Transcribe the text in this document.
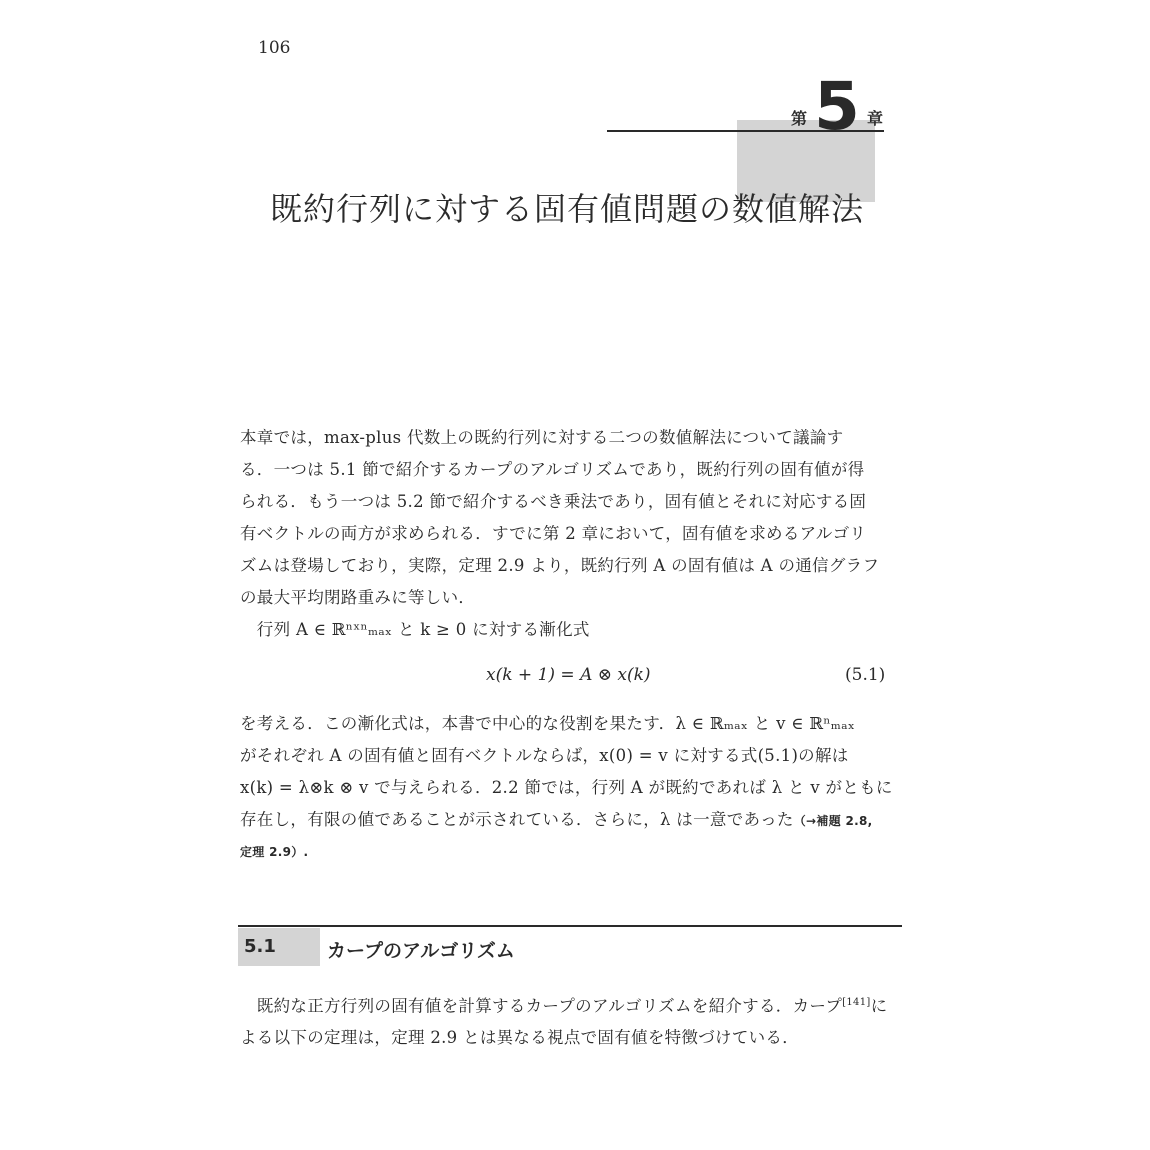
106
第 5 章
既約行列に対する固有値問題の数値解法
本章では，max-plus 代数上の既約行列に対する二つの数値解法について議論す
る．一つは 5.1 節で紹介するカープのアルゴリズムであり，既約行列の固有値が得
られる．もう一つは 5.2 節で紹介するべき乗法であり，固有値とそれに対応する固
有ベクトルの両方が求められる．すでに第 2 章において，固有値を求めるアルゴリ
ズムは登場しており，実際，定理 2.9 より，既約行列 A の固有値は A の通信グラフ
の最大平均閉路重みに等しい．
　行列 A ∈ ℝⁿˣⁿₘₐₓ と k ≥ 0 に対する漸化式
x(k + 1) = A ⊗ x(k)	(5.1)
を考える．この漸化式は，本書で中心的な役割を果たす．λ ∈ ℝₘₐₓ と v ∈ ℝⁿₘₐₓ
がそれぞれ A の固有値と固有ベクトルならば，x(0) = v に対する式(5.1)の解は
x(k) = λ⊗k ⊗ v で与えられる．2.2 節では，行列 A が既約であれば λ と v がともに
存在し，有限の値であることが示されている．さらに，λ は一意であった（→補題 2.8,
定理 2.9）.
5.1	カープのアルゴリズム
　既約な正方行列の固有値を計算するカープのアルゴリズムを紹介する．カープ[141]に
よる以下の定理は，定理 2.9 とは異なる視点で固有値を特徴づけている．
